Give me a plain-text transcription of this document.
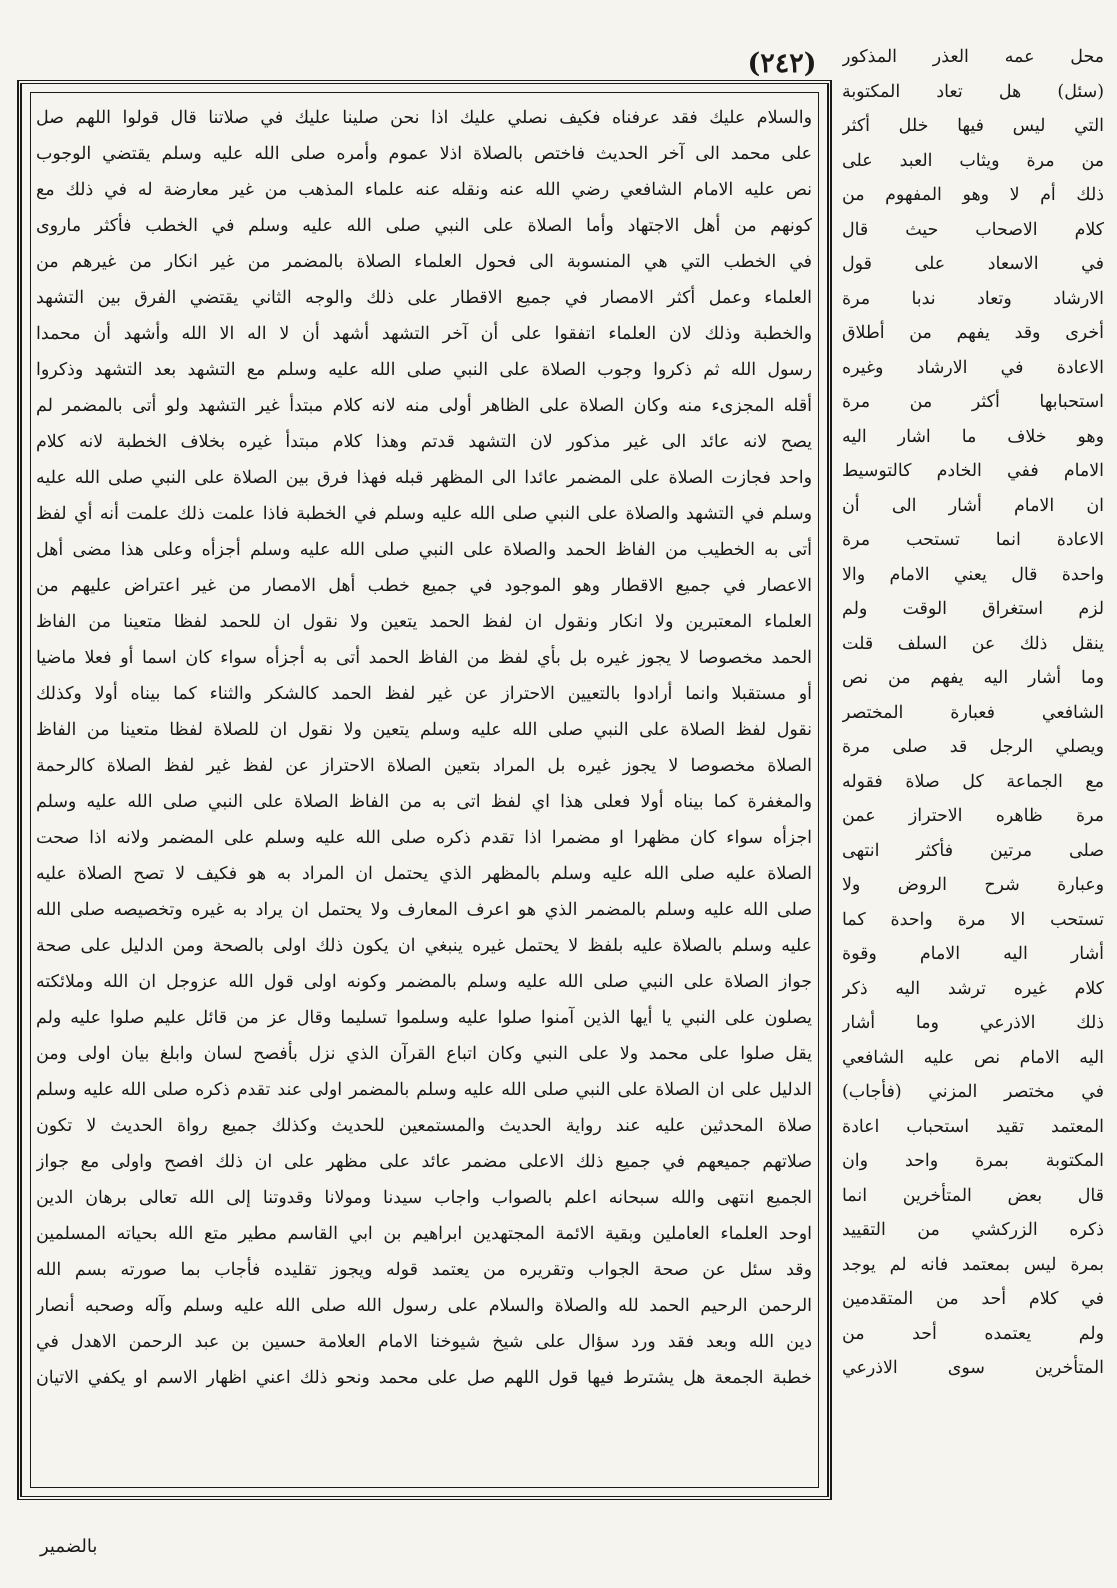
(٢٤٢)
والسلام عليك فقد عرفناه فكيف نصلي عليك اذا نحن صلينا عليك في صلاتنا قال قولوا اللهم صل
على محمد الى آخر الحديث فاختص بالصلاة اذلا عموم وأمره صلى الله عليه وسلم يقتضي الوجوب
نص عليه الامام الشافعي رضي الله عنه ونقله عنه علماء المذهب من غير معارضة له في ذلك مع
كونهم من أهل الاجتهاد وأما الصلاة على النبي صلى الله عليه وسلم في الخطب فأكثر ماروى
في الخطب التي هي المنسوبة الى فحول العلماء الصلاة بالمضمر من غير انكار من غيرهم من
العلماء وعمل أكثر الامصار في جميع الاقطار على ذلك والوجه الثاني يقتضي الفرق بين التشهد
والخطبة وذلك لان العلماء اتفقوا على أن آخر التشهد أشهد أن لا اله الا الله وأشهد أن محمدا
رسول الله ثم ذكروا وجوب الصلاة على النبي صلى الله عليه وسلم مع التشهد بعد التشهد وذكروا
أقله المجزىء منه وكان الصلاة على الظاهر أولى منه لانه كلام مبتدأ غير التشهد ولو أتى بالمضمر لم
يصح لانه عائد الى غير مذكور لان التشهد قدتم وهذا كلام مبتدأ غيره بخلاف الخطبة لانه كلام
واحد فجازت الصلاة على المضمر عائدا الى المظهر قبله فهذا فرق بين الصلاة على النبي صلى الله عليه
وسلم في التشهد والصلاة على النبي صلى الله عليه وسلم في الخطبة فاذا علمت ذلك علمت أنه أي لفظ
أتى به الخطيب من الفاظ الحمد والصلاة على النبي صلى الله عليه وسلم أجزأه وعلى هذا مضى أهل
الاعصار في جميع الاقطار وهو الموجود في جميع خطب أهل الامصار من غير اعتراض عليهم من
العلماء المعتبرين ولا انكار ونقول ان لفظ الحمد يتعين ولا نقول ان للحمد لفظا متعينا من الفاظ
الحمد مخصوصا لا يجوز غيره بل بأي لفظ من الفاظ الحمد أتى به أجزأه سواء كان اسما أو فعلا ماضيا
أو مستقبلا وانما أرادوا بالتعيين الاحتراز عن غير لفظ الحمد كالشكر والثناء كما بيناه أولا وكذلك
نقول لفظ الصلاة على النبي صلى الله عليه وسلم يتعين ولا نقول ان للصلاة لفظا متعينا من الفاظ
الصلاة مخصوصا لا يجوز غيره بل المراد بتعين الصلاة الاحتراز عن لفظ غير لفظ الصلاة كالرحمة
والمغفرة كما بيناه أولا فعلى هذا اي لفظ اتى به من الفاظ الصلاة على النبي صلى الله عليه وسلم
اجزأه سواء كان مظهرا او مضمرا اذا تقدم ذكره صلى الله عليه وسلم على المضمر ولانه اذا صحت
الصلاة عليه صلى الله عليه وسلم بالمظهر الذي يحتمل ان المراد به هو فكيف لا تصح الصلاة عليه
صلى الله عليه وسلم بالمضمر الذي هو اعرف المعارف ولا يحتمل ان يراد به غيره وتخصيصه صلى الله
عليه وسلم بالصلاة عليه بلفظ لا يحتمل غيره ينبغي ان يكون ذلك اولى بالصحة ومن الدليل على صحة
جواز الصلاة على النبي صلى الله عليه وسلم بالمضمر وكونه اولى قول الله عزوجل ان الله وملائكته
يصلون على النبي يا أيها الذين آمنوا صلوا عليه وسلموا تسليما وقال عز من قائل عليم صلوا عليه ولم
يقل صلوا على محمد ولا على النبي وكان اتباع القرآن الذي نزل بأفصح لسان وابلغ بيان اولى ومن
الدليل على ان الصلاة على النبي صلى الله عليه وسلم بالمضمر اولى عند تقدم ذكره صلى الله عليه وسلم
صلاة المحدثين عليه عند رواية الحديث والمستمعين للحديث وكذلك جميع رواة الحديث لا تكون
صلاتهم جميعهم في جميع ذلك الاعلى مضمر عائد على مظهر على ان ذلك افصح واولى مع جواز
الجميع انتهى والله سبحانه اعلم بالصواب واجاب سيدنا ومولانا وقدوتنا إلى الله تعالى برهان الدين
اوحد العلماء العاملين وبقية الائمة المجتهدين ابراهيم بن ابي القاسم مطير متع الله بحياته المسلمين
وقد سئل عن صحة الجواب وتقريره من يعتمد قوله ويجوز تقليده فأجاب بما صورته بسم الله
الرحمن الرحيم الحمد لله والصلاة والسلام على رسول الله صلى الله عليه وسلم وآله وصحبه أنصار
دين الله وبعد فقد ورد سؤال على شيخ شيوخنا الامام العلامة حسين بن عبد الرحمن الاهدل في
خطبة الجمعة هل يشترط فيها قول اللهم صل على محمد ونحو ذلك اعني اظهار الاسم او يكفي الاتيان
محل عمه العذر المذكور
(سئل) هل تعاد المكتوبة
التي ليس فيها خلل أكثر
من مرة ويثاب العبد على
ذلك أم لا وهو المفهوم من
كلام الاصحاب حيث قال
في الاسعاد على قول
الارشاد وتعاد ندبا مرة
أخرى وقد يفهم من أطلاق
الاعادة في الارشاد وغيره
استحبابها أكثر من مرة
وهو خلاف ما اشار اليه
الامام ففي الخادم كالتوسيط
ان الامام أشار الى أن
الاعادة انما تستحب مرة
واحدة قال يعني الامام والا
لزم استغراق الوقت ولم
ينقل ذلك عن السلف قلت
وما أشار اليه يفهم من نص
الشافعي فعبارة المختصر
ويصلي الرجل قد صلى مرة
مع الجماعة كل صلاة فقوله
مرة ظاهره الاحتراز عمن
صلى مرتين فأكثر انتهى
وعبارة شرح الروض ولا
تستحب الا مرة واحدة كما
أشار اليه الامام وقوة
كلام غيره ترشد اليه ذكر
ذلك الاذرعي وما أشار
اليه الامام نص عليه الشافعي
في مختصر المزني (فأجاب)
المعتمد تقيد استحباب اعادة
المكتوبة بمرة واحد وان
قال بعض المتأخرين انما
ذكره الزركشي من التقييد
بمرة ليس بمعتمد فانه لم يوجد
في كلام أحد من المتقدمين
ولم يعتمده أحد من
المتأخرين سوى الاذرعي
بالضمير
